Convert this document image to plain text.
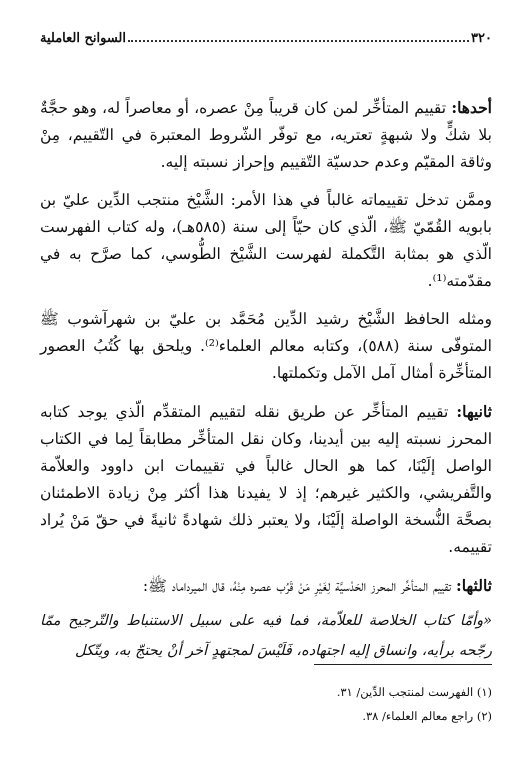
٣٢٠
السوانح العاملية

أحدها: تقييم المتأخِّر لمن كان قريباً مِنْ عصره، أو معاصراً له، وهو حجَّةٌ بلا شكٍّ ولا شبهةٍ تعتريه، مع توفّر الشّروط المعتبرة في التّقييم، مِنْ وثاقة المقيّم وعدم حدسيّة التّقييم وإحراز نسبته إليه.

وممَّن تدخل تقييماته غالباً في هذا الأمر: الشَّيْخ منتجب الدِّين عليّ بن بابويه القُمّيّ ﷺ، الّذي كان حيّاً إلى سنة (٥٨٥هـ)، وله كتاب الفهرست الّذي هو بمثابة التَّكملة لفهرست الشَّيْخ الطُّوسي، كما صرَّح به في مقدّمته⁽¹⁾.

ومثله الحافظ الشَّيْخ رشيد الدِّين مُحَمَّد بن عليّ بن شهرآشوب ﷺ المتوفّى سنة (٥٨٨)، وكتابه معالم العلماء⁽²⁾. ويلحق بها كُتُبُ العصور المتأخِّرة أمثال آمل الآمل وتكملتها.

ثانيها: تقييم المتأخِّر عن طريق نقله لتقييم المتقدِّم الّذي يوجد كتابه المحرز نسبته إليه بين أيدينا، وكان نقل المتأخِّر مطابقاً لِما في الكتاب الواصل إلَيْنَا، كما هو الحال غالباً في تقييمات ابن داوود والعلاّمة والتَّفريشي، والكثير غيرهم؛ إذ لا يفيدنا هذا أكثر مِنْ زيادة الاطمئنان بصحَّة النُّسخة الواصلة إلَيْنَا، ولا يعتبر ذلك شهادةً ثانيةً في حقّ مَنْ يُراد تقييمه.

ثالثها: تقييم المتأخِّر المحرز الحَدْسيَّة لِغَيْرِ مَنْ قَرُب عصره مِنْهُ، قال الميرداماد ﷺ:

«وأمّا كتاب الخلاصة للعلاّمة، فما فيه على سبيل الاستنباط والتّرجيح ممّا رجّحه برأيه، وانساق إليه اجتهاده، فَلَيْسَ لمجتهدٍ آخر أنْ يحتجّ به، ويتّكل

(١) الفهرست لمنتجب الدِّين/ ٣١.

(٢) راجع معالم العلماء/ ٣٨.
